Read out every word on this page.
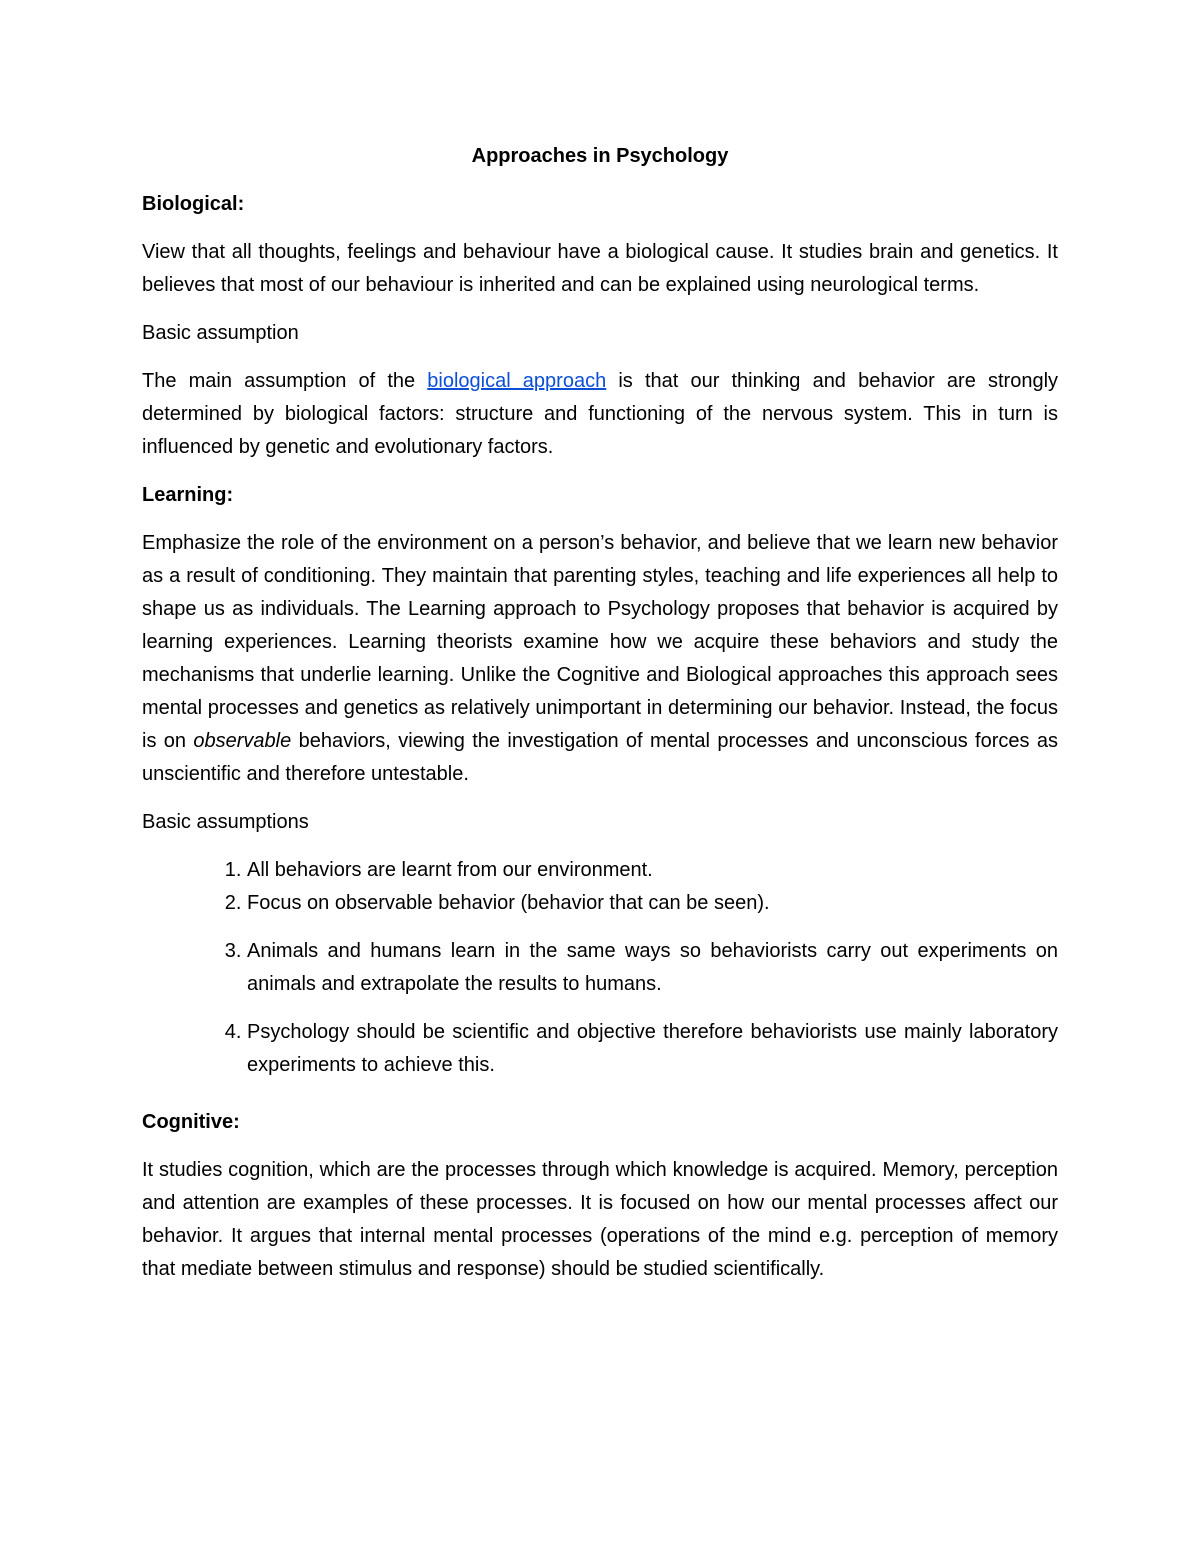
Approaches in Psychology
Biological:

View that all thoughts, feelings and behaviour have a biological cause. It studies brain and genetics. It believes that most of our behaviour is inherited and can be explained using neurological terms.

Basic assumption

The main assumption of the biological approach is that our thinking and behavior are strongly determined by biological factors: structure and functioning of the nervous system. This in turn is influenced by genetic and evolutionary factors.

Learning:

Emphasize the role of the environment on a person’s behavior, and believe that we learn new behavior as a result of conditioning. They maintain that parenting styles, teaching and life experiences all help to shape us as individuals. The Learning approach to Psychology proposes that behavior is acquired by learning experiences. Learning theorists examine how we acquire these behaviors and study the mechanisms that underlie learning. Unlike the Cognitive and Biological approaches this approach sees mental processes and genetics as relatively unimportant in determining our behavior. Instead, the focus is on observable behaviors, viewing the investigation of mental processes and unconscious forces as unscientific and therefore untestable.

Basic assumptions
1. All behaviors are learnt from our environment.
2. Focus on observable behavior (behavior that can be seen).
3. Animals and humans learn in the same ways so behaviorists carry out experiments on animals and extrapolate the results to humans.
4. Psychology should be scientific and objective therefore behaviorists use mainly laboratory experiments to achieve this.
Cognitive:

It studies cognition, which are the processes through which knowledge is acquired. Memory, perception and attention are examples of these processes. It is focused on how our mental processes affect our behavior. It argues that internal mental processes (operations of the mind e.g. perception of memory that mediate between stimulus and response) should be studied scientifically.
